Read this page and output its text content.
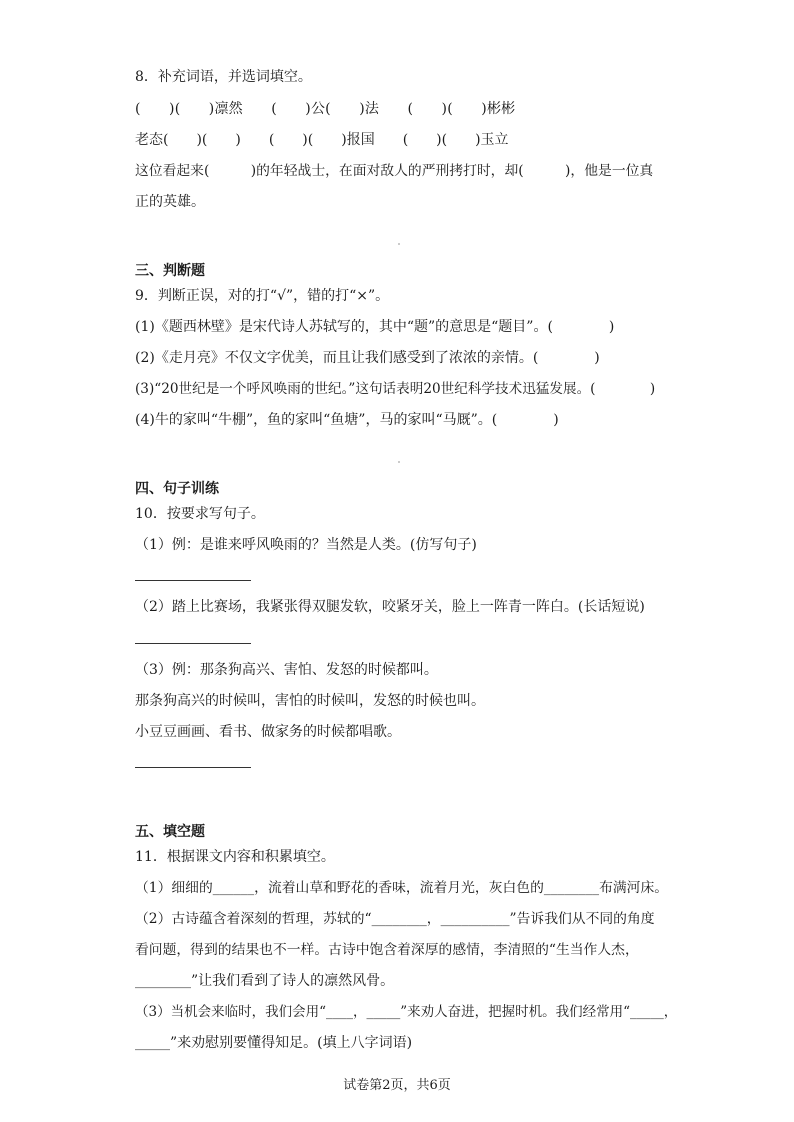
8．补充词语，并选词填空。
(　　)(　　)凛然　　(　　)公(　　)法　　(　　)(　　)彬彬
老态(　　)(　　)　　(　　)(　　)报国　　(　　)(　　)玉立
这位看起来(　　　)的年轻战士，在面对敌人的严刑拷打时，却(　　　)，他是一位真
正的英雄。
三、判断题
9．判断正误，对的打“√”，错的打“×”。
(1)《题西林壁》是宋代诗人苏轼写的，其中“题”的意思是“题目”。(　　　　)
(2)《走月亮》不仅文字优美，而且让我们感受到了浓浓的亲情。(　　　　)
(3)“20世纪是一个呼风唤雨的世纪。”这句话表明20世纪科学技术迅猛发展。(　　　　)
(4)牛的家叫“牛棚”，鱼的家叫“鱼塘”，马的家叫“马厩”。(　　　　)
四、句子训练
10．按要求写句子。
（1）例：是谁来呼风唤雨的？当然是人类。(仿写句子)
（2）踏上比赛场，我紧张得双腿发软，咬紧牙关，脸上一阵青一阵白。(长话短说)
（3）例：那条狗高兴、害怕、发怒的时候都叫。
那条狗高兴的时候叫，害怕的时候叫，发怒的时候也叫。
小豆豆画画、看书、做家务的时候都唱歌。
五、填空题
11．根据课文内容和积累填空。
（1）细细的______，流着山草和野花的香味，流着月光，灰白色的________布满河床。
（2）古诗蕴含着深刻的哲理，苏轼的“________，__________”告诉我们从不同的角度
看问题，得到的结果也不一样。古诗中饱含着深厚的感情，李清照的“生当作人杰，
________”让我们看到了诗人的凛然风骨。
（3）当机会来临时，我们会用“____，_____”来劝人奋进，把握时机。我们经常用“_____，
_____”来劝慰别要懂得知足。(填上八字词语)
试卷第2页，共6页
